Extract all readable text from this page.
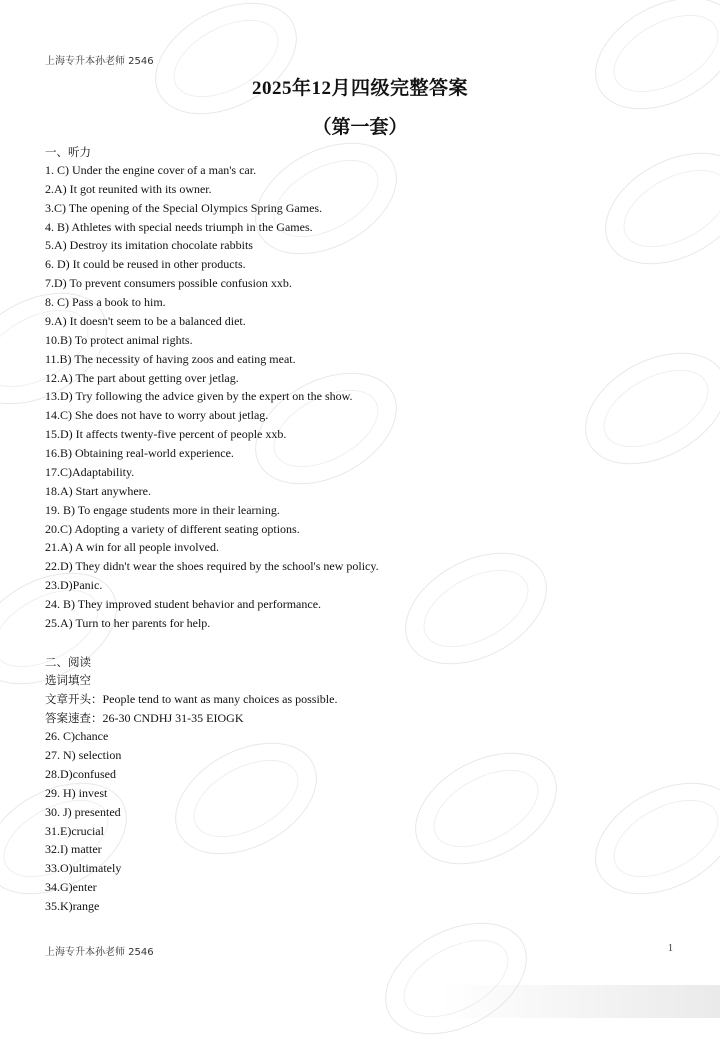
上海专升本孙老师 2546
2025年12月四级完整答案
（第一套）
一、听力
1. C) Under the engine cover of a man's car.
2.A) It got reunited with its owner.
3.C) The opening of the Special Olympics Spring Games.
4. B) Athletes with special needs triumph in the Games.
5.A) Destroy its imitation chocolate rabbits
6. D) It could be reused in other products.
7.D) To prevent consumers possible confusion xxb.
8. C) Pass a book to him.
9.A) It doesn't seem to be a balanced diet.
10.B) To protect animal rights.
11.B) The necessity of having zoos and eating meat.
12.A) The part about getting over jetlag.
13.D) Try following the advice given by the expert on the show.
14.C) She does not have to worry about jetlag.
15.D) It affects twenty-five percent of people xxb.
16.B) Obtaining real-world experience.
17.C)Adaptability.
18.A) Start anywhere.
19. B) To engage students more in their learning.
20.C) Adopting a variety of different seating options.
21.A) A win for all people involved.
22.D) They didn't wear the shoes required by the school's new policy.
23.D)Panic.
24. B) They improved student behavior and performance.
25.A) Turn to her parents for help.
二、阅读
选词填空
文章开头：People tend to want as many choices as possible.
答案速查：26-30 CNDHJ 31-35 EIOGK
26. C)chance
27. N) selection
28.D)confused
29. H) invest
30. J) presented
31.E)crucial
32.I) matter
33.O)ultimately
34.G)enter
35.K)range
上海专升本孙老师 2546	1
